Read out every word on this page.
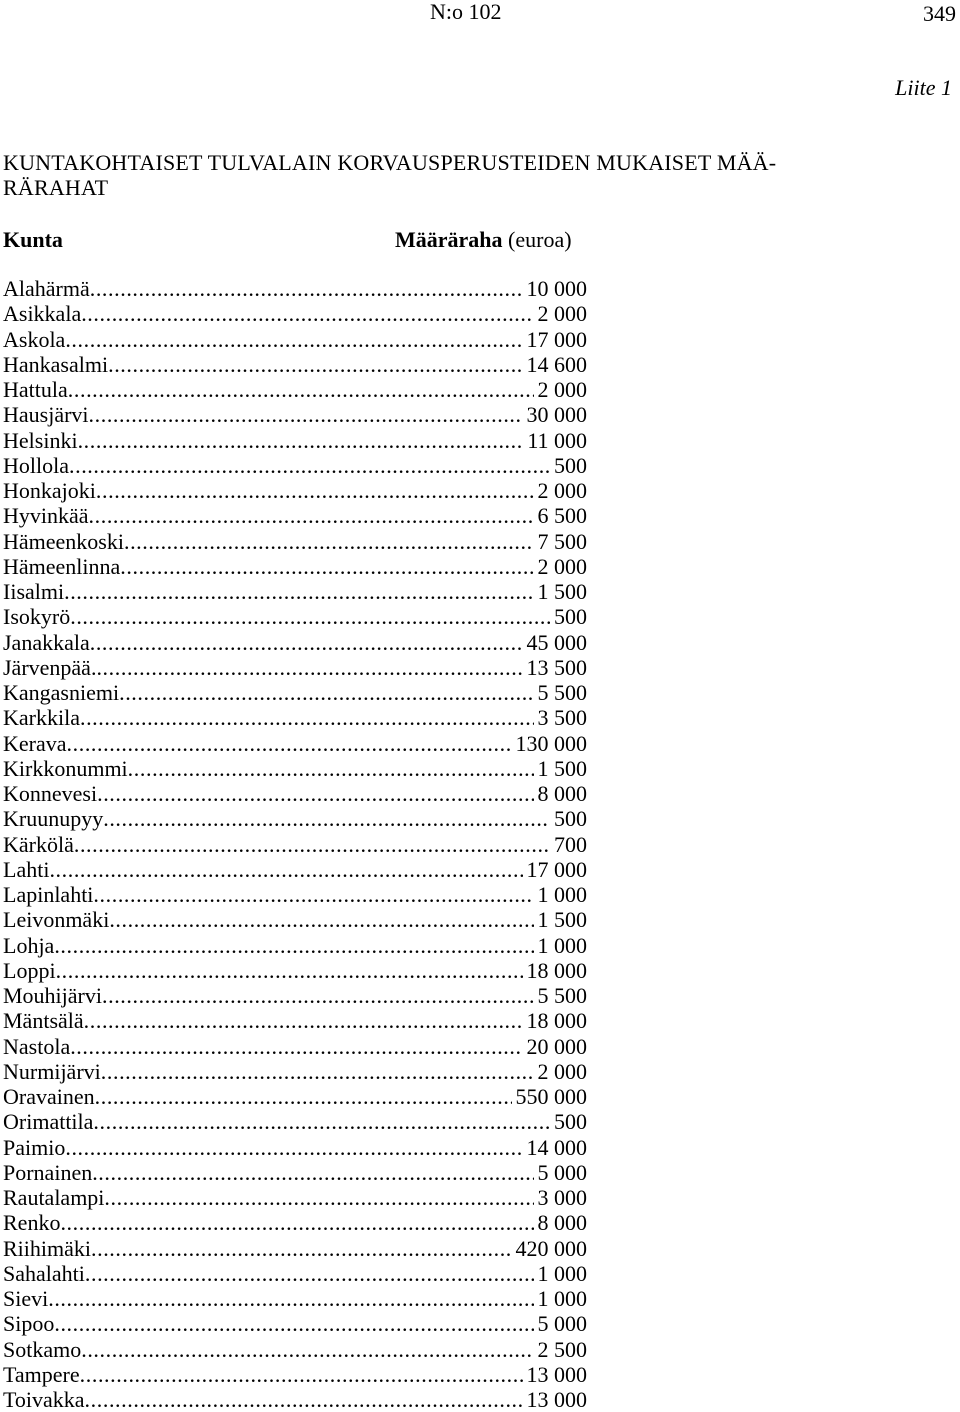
N:o 102	349
Liite 1
KUNTAKOHTAISET TULVALAIN KORVAUSPERUSTEIDEN MUKAISET MÄÄ-
RÄRAHAT
Kunta	Määräraha (euroa)
Alahärmä .....	10 000
Asikkala .....	2 000
Askola .....	17 000
Hankasalmi .....	14 600
Hattula .....	2 000
Hausjärvi .....	30 000
Helsinki .....	11 000
Hollola .....	500
Honkajoki .....	2 000
Hyvinkää .....	6 500
Hämeenkoski .....	7 500
Hämeenlinna .....	2 000
Iisalmi .....	1 500
Isokyrö .....	500
Janakkala .....	45 000
Järvenpää. .....	13 500
Kangasniemi .....	5 500
Karkkila .....	3 500
Kerava .....	130 000
Kirkkonummi .....	1 500
Konnevesi .....	8 000
Kruunupyy .....	500
Kärkölä .....	700
Lahti .....	17 000
Lapinlahti .....	1 000
Leivonmäki .....	1 500
Lohja .....	1 000
Loppi .....	18 000
Mouhijärvi .....	5 500
Mäntsälä .....	18 000
Nastola .....	20 000
Nurmijärvi .....	2 000
Oravainen .....	550 000
Orimattila .....	500
Paimio .....	14 000
Pornainen .....	5 000
Rautalampi .....	3 000
Renko .....	8 000
Riihimäki .....	420 000
Sahalahti .....	1 000
Sievi .....	1 000
Sipoo .....	5 000
Sotkamo .....	2 500
Tampere .....	13 000
Toivakka .....	13 000
